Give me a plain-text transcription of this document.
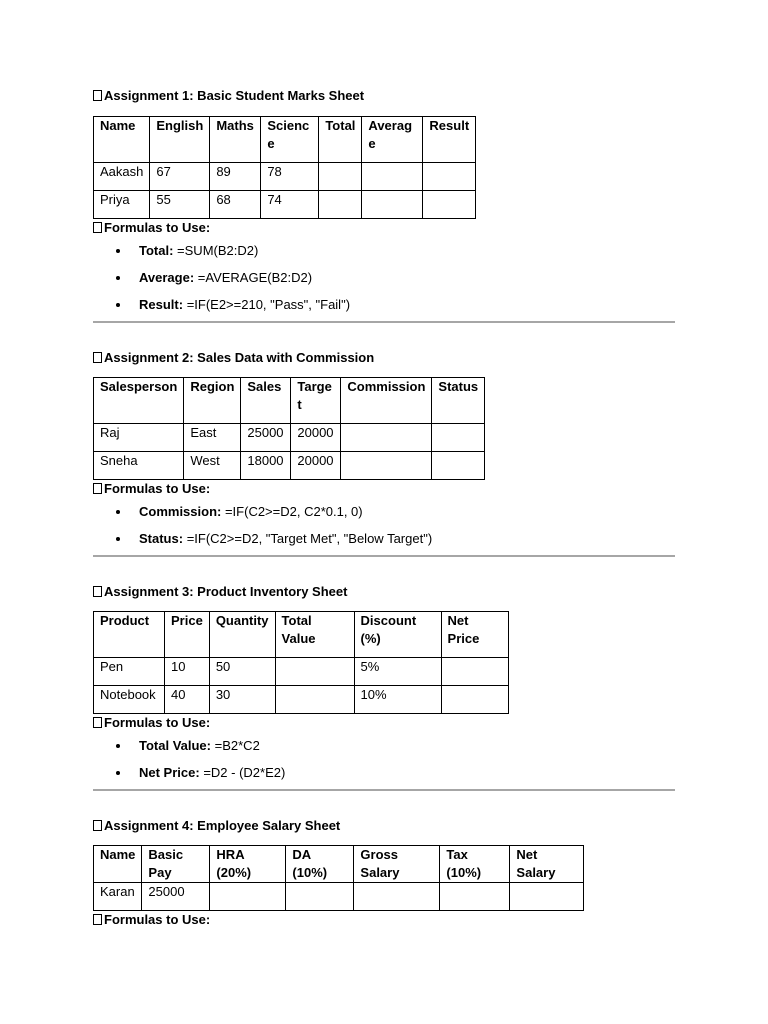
Assignment 1: Basic Student Marks Sheet
Name	English	Maths	Scienc e	Total	Averag e	Result
Aakash	67	89	78			
Priya	55	68	74			
Formulas to Use:
Total: =SUM(B2:D2)
Average: =AVERAGE(B2:D2)
Result: =IF(E2>=210, "Pass", "Fail")
Assignment 2: Sales Data with Commission
Salesperson	Region	Sales	Targe t	Commission	Status
Raj	East	25000	20000		
Sneha	West	18000	20000		
Formulas to Use:
Commission: =IF(C2>=D2, C2*0.1, 0)
Status: =IF(C2>=D2, "Target Met", "Below Target")
Assignment 3: Product Inventory Sheet
Product	Price	Quantity	Total Value	Discount (%)	Net Price
Pen	10	50		5%	
Notebook	40	30		10%	
Formulas to Use:
Total Value: =B2*C2
Net Price: =D2 - (D2*E2)
Assignment 4: Employee Salary Sheet
Name	Basic Pay	HRA (20%)	DA (10%)	Gross Salary	Tax (10%)	Net Salary
Karan	25000					
Formulas to Use:
